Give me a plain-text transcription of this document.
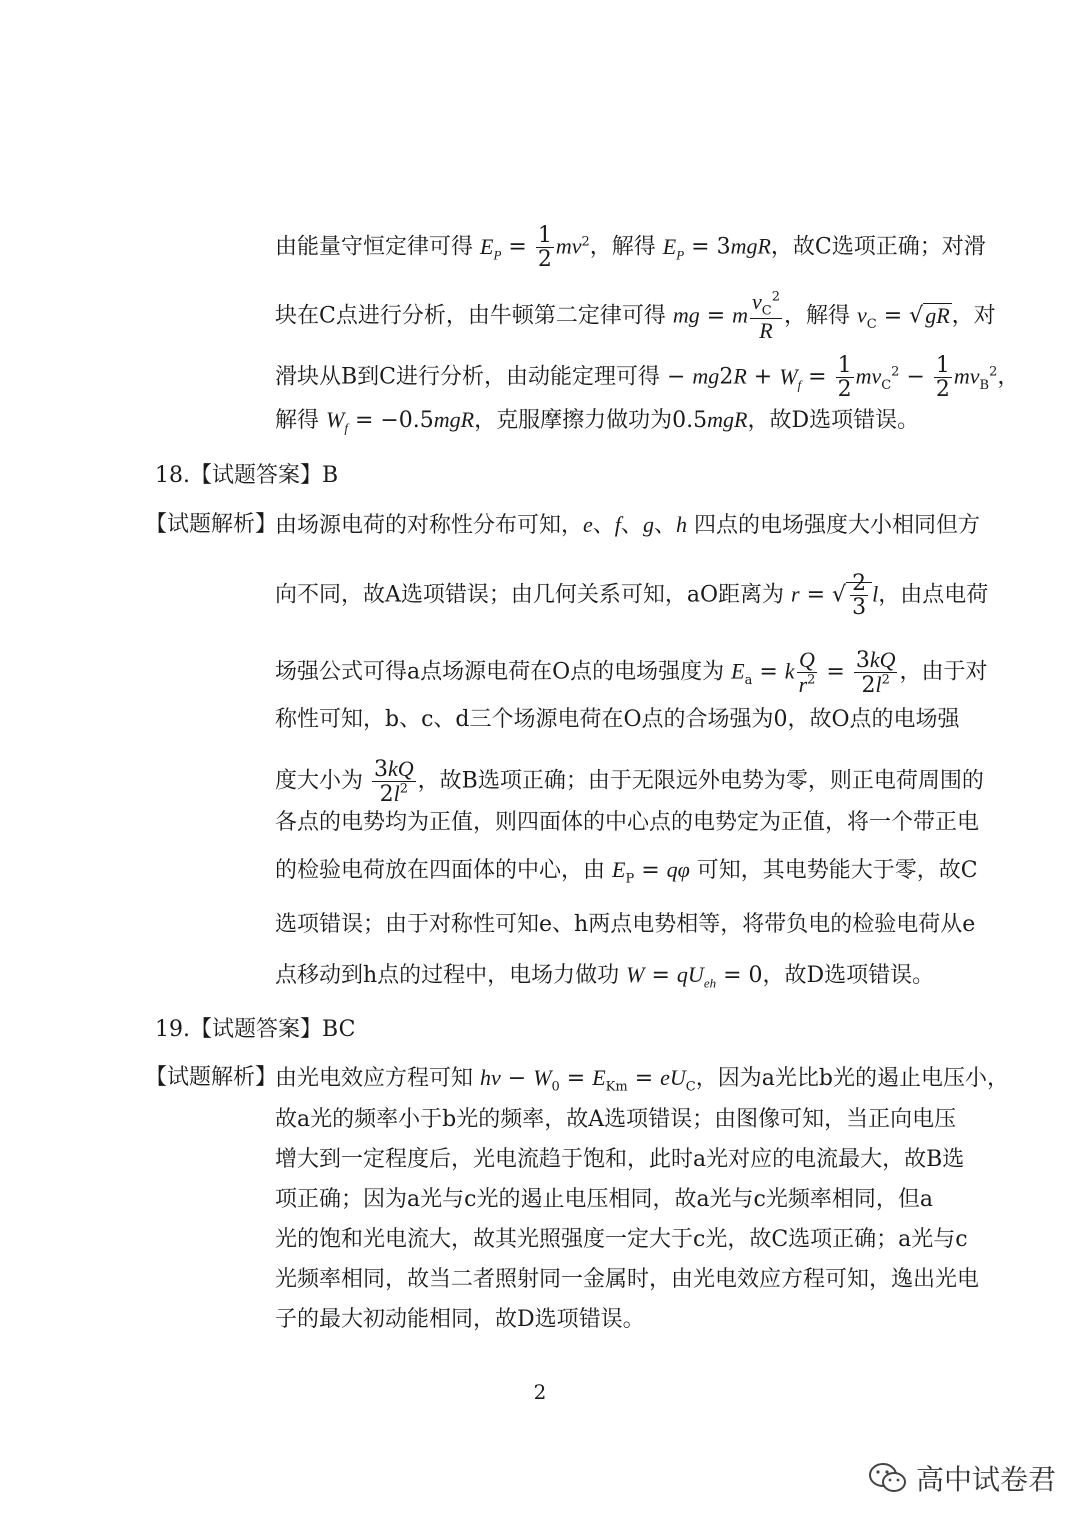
由能量守恒定律可得 $E_P = \frac{1}{2} mv^2$，解得 $E_P = 3mgR$，故C选项正确；对滑
块在C点进行分析，由牛顿第二定律可得 mg = m $\frac{v_C^2}{R}$ ，解得 $v_C = √gR$，对
滑块从B到C进行分析，由动能定理可得 − $mg2R + W_f = \frac{1}{2} mv_C^2 - \frac{1}{2} mv_B^2$，
解得 $W_f = -0.5mgR$，克服摩擦力做功为0.5mgR，故D选项错误。
18.【试题答案】B
【试题解析】
由场源电荷的对称性分布可知，e、f、g、h 四点的电场强度大小相同但方
向不同，故A选项错误；由几何关系可知，aO距离为 r = √ $\frac{2}{3}$ l，由点电荷
场强公式可得a点场源电荷在O点的电场强度为 $E_a = k \frac{Q}{r^2} = \frac{3kQ}{2l^2}$ ，由于对
称性可知，b、c、d三个场源电荷在O点的合场强为0，故O点的电场强
度大小为 $\frac{3kQ}{2l^2}$ ，故B选项正确；由于无限远外电势为零，则正电荷周围的
各点的电势均为正值，则四面体的中心点的电势定为正值，将一个带正电
的检验电荷放在四面体的中心，由 $E_P = q\varphi$ 可知，其电势能大于零，故C
选项错误；由于对称性可知e、h两点电势相等，将带负电的检验电荷从e
点移动到h点的过程中，电场力做功 $W = qU_{eh} = 0$，故D选项错误。
19.【试题答案】BC
【试题解析】
由光电效应方程可知 $h\nu - W_0 = E_{Km} = eU_C$，因为a光比b光的遏止电压小，
故a光的频率小于b光的频率，故A选项错误；由图像可知，当正向电压
增大到一定程度后，光电流趋于饱和，此时a光对应的电流最大，故B选
项正确；因为a光与c光的遏止电压相同，故a光与c光频率相同，但a
光的饱和光电流大，故其光照强度一定大于c光，故C选项正确；a光与c
光频率相同，故当二者照射同一金属时，由光电效应方程可知，逸出光电
子的最大初动能相同，故D选项错误。
2
高中试卷君
